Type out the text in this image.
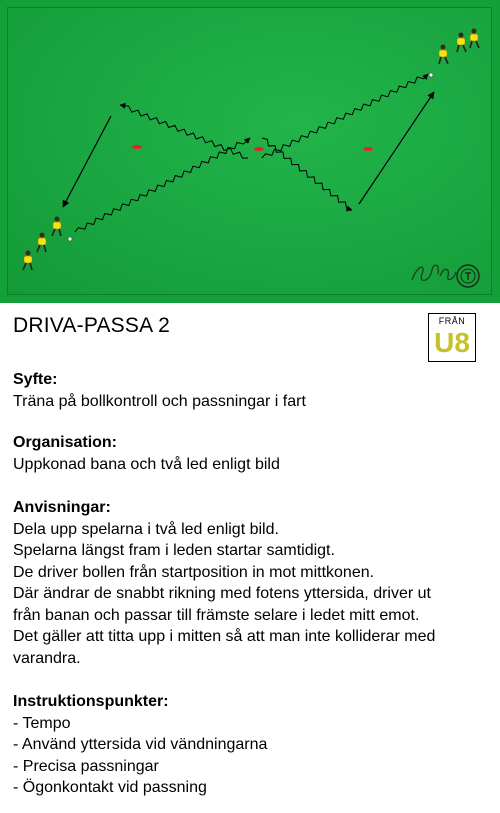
DRIVA-PASSA 2	FRÅN
U8
Syfte:
Träna på bollkontroll och passningar i fart
Organisation:
Uppkonad bana och två led enligt bild
Anvisningar:
Dela upp spelarna i två led enligt bild.
Spelarna längst fram i leden startar samtidigt.
De driver bollen från startposition in mot mittkonen.
Där ändrar de snabbt rikning med fotens yttersida, driver ut
från banan och passar till främste selare i ledet mitt emot.
Det gäller att titta upp i mitten så att man inte kolliderar med
varandra.
Instruktionspunkter:
- Tempo
- Använd yttersida vid vändningarna
- Precisa passningar
- Ögonkontakt vid passning
